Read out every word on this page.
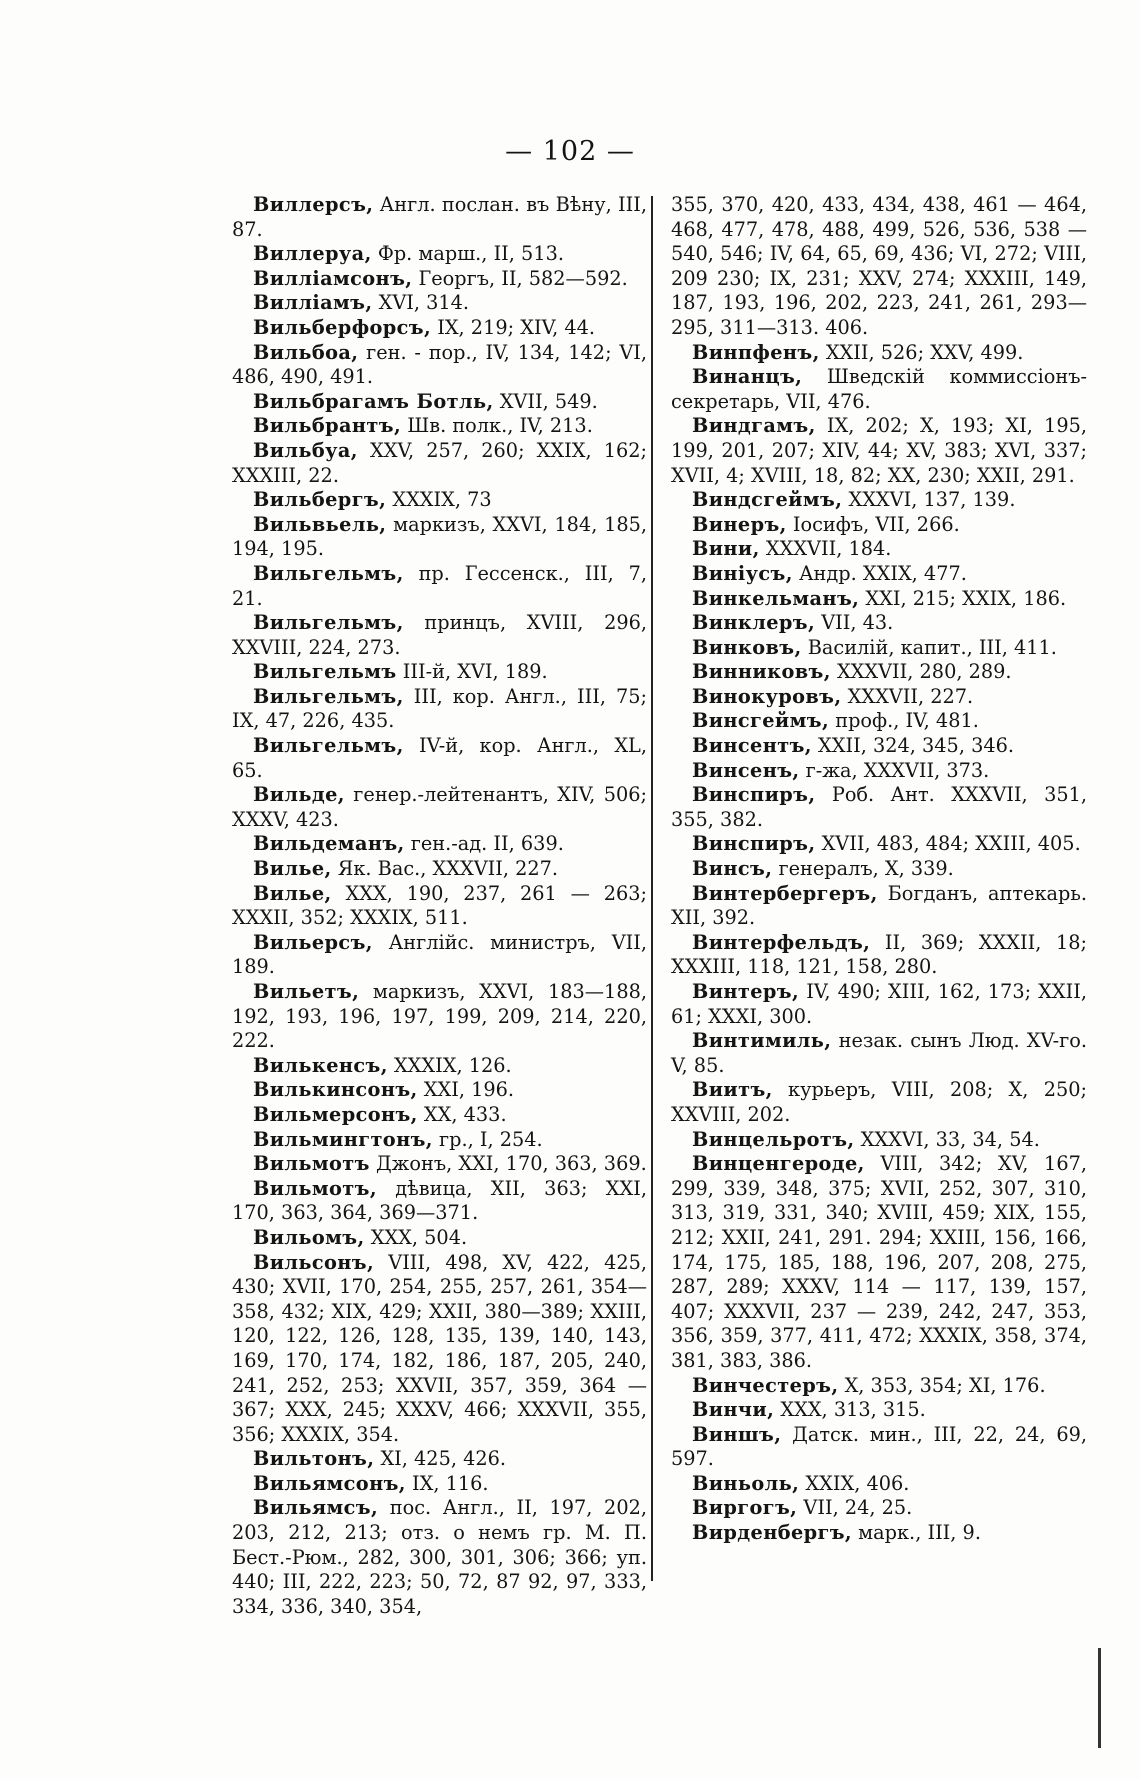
— 102 —

Виллерсъ, Англ. послан. въ Вѣну, III, 87.

Виллеруа, Фр. марш., II, 513.

Вилліамсонъ, Георгъ, II, 582—592.

Вилліамъ, XVI, 314.

Вильберфорсъ, IX, 219; XIV, 44.

Вильбоа, ген. - пор., IV, 134, 142; VI, 486, 490, 491.

Вильбрагамъ Ботль, XVII, 549.

Вильбрантъ, Шв. полк., IV, 213.

Вильбуа, XXV, 257, 260; XXIX, 162; XXXIII, 22.

Вильбергъ, XXXIX, 73

Вильвьель, маркизъ, XXVI, 184, 185, 194, 195.

Вильгельмъ, пр. Гессенск., III, 7, 21.

Вильгельмъ, принцъ, XVIII, 296, XXVIII, 224, 273.

Вильгельмъ III-й, XVI, 189.

Вильгельмъ, III, кор. Англ., III, 75; IX, 47, 226, 435.

Вильгельмъ, IV-й, кор. Англ., XL, 65.

Вильде, генер.-лейтенантъ, XIV, 506; XXXV, 423.

Вильдеманъ, ген.-ад. II, 639.

Вилье, Як. Вас., XXXVII, 227.

Вилье, XXX, 190, 237, 261 — 263; XXXII, 352; XXXIX, 511.

Вильерсъ, Англійс. министръ, VII, 189.

Вильетъ, маркизъ, XXVI, 183—188, 192, 193, 196, 197, 199, 209, 214, 220, 222.

Вилькенсъ, XXXIX, 126.

Вилькинсонъ, XXI, 196.

Вильмерсонъ, XX, 433.

Вильмингтонъ, гр., I, 254.

Вильмотъ Джонъ, XXI, 170, 363, 369.

Вильмотъ, дѣвица, XII, 363; XXI, 170, 363, 364, 369—371.

Вильомъ, XXX, 504.

Вильсонъ, VIII, 498, XV, 422, 425, 430; XVII, 170, 254, 255, 257, 261, 354—358, 432; XIX, 429; XXII, 380—389; XXIII, 120, 122, 126, 128, 135, 139, 140, 143, 169, 170, 174, 182, 186, 187, 205, 240, 241, 252, 253; XXVII, 357, 359, 364 — 367; XXX, 245; XXXV, 466; XXXVII, 355, 356; XXXIX, 354.

Вильтонъ, XI, 425, 426.

Вильямсонъ, IX, 116.

Вильямсъ, пос. Англ., II, 197, 202, 203, 212, 213; отз. о немъ гр. М. П. Бест.-Рюм., 282, 300, 301, 306; 366; уп. 440; III, 222, 223; 50, 72, 87 92, 97, 333, 334, 336, 340, 354,

355, 370, 420, 433, 434, 438, 461 — 464, 468, 477, 478, 488, 499, 526, 536, 538 — 540, 546; IV, 64, 65, 69, 436; VI, 272; VIII, 209 230; IX, 231; XXV, 274; XXXIII, 149, 187, 193, 196, 202, 223, 241, 261, 293—295, 311—313. 406.

Винпфенъ, XXII, 526; XXV, 499.

Винанцъ, Шведскій коммиссіонъ-секретарь, VII, 476.

Виндгамъ, IX, 202; X, 193; XI, 195, 199, 201, 207; XIV, 44; XV, 383; XVI, 337; XVII, 4; XVIII, 18, 82; XX, 230; XXII, 291.

Виндсгеймъ, XXXVI, 137, 139.

Винеръ, Іосифъ, VII, 266.

Вини, XXXVII, 184.

Виніусъ, Андр. XXIX, 477.

Винкельманъ, XXI, 215; XXIX, 186.

Винклеръ, VII, 43.

Винковъ, Василій, капит., III, 411.

Винниковъ, XXXVII, 280, 289.

Винокуровъ, XXXVII, 227.

Винсгеймъ, проф., IV, 481.

Винсентъ, XXII, 324, 345, 346.

Винсенъ, г-жа, XXXVII, 373.

Винспиръ, Роб. Ант. XXXVII, 351, 355, 382.

Винспиръ, XVII, 483, 484; XXIII, 405.

Винсъ, генералъ, X, 339.

Винтербергеръ, Богданъ, аптекарь. XII, 392.

Винтерфельдъ, II, 369; XXXII, 18; XXXIII, 118, 121, 158, 280.

Винтеръ, IV, 490; XIII, 162, 173; XXII, 61; XXXI, 300.

Винтимиль, незак. сынъ Люд. XV-го. V, 85.

Виитъ, курьеръ, VIII, 208; X, 250; XXVIII, 202.

Винцельротъ, XXXVI, 33, 34, 54.

Винценгероде, VIII, 342; XV, 167, 299, 339, 348, 375; XVII, 252, 307, 310, 313, 319, 331, 340; XVIII, 459; XIX, 155, 212; XXII, 241, 291. 294; XXIII, 156, 166, 174, 175, 185, 188, 196, 207, 208, 275, 287, 289; XXXV, 114 — 117, 139, 157, 407; XXXVII, 237 — 239, 242, 247, 353, 356, 359, 377, 411, 472; XXXIX, 358, 374, 381, 383, 386.

Винчестеръ, X, 353, 354; XI, 176.

Винчи, XXX, 313, 315.

Виншъ, Датск. мин., III, 22, 24, 69, 597.

Виньоль, XXIX, 406.

Виргогъ, VII, 24, 25.

Вирденбергъ, марк., III, 9.
